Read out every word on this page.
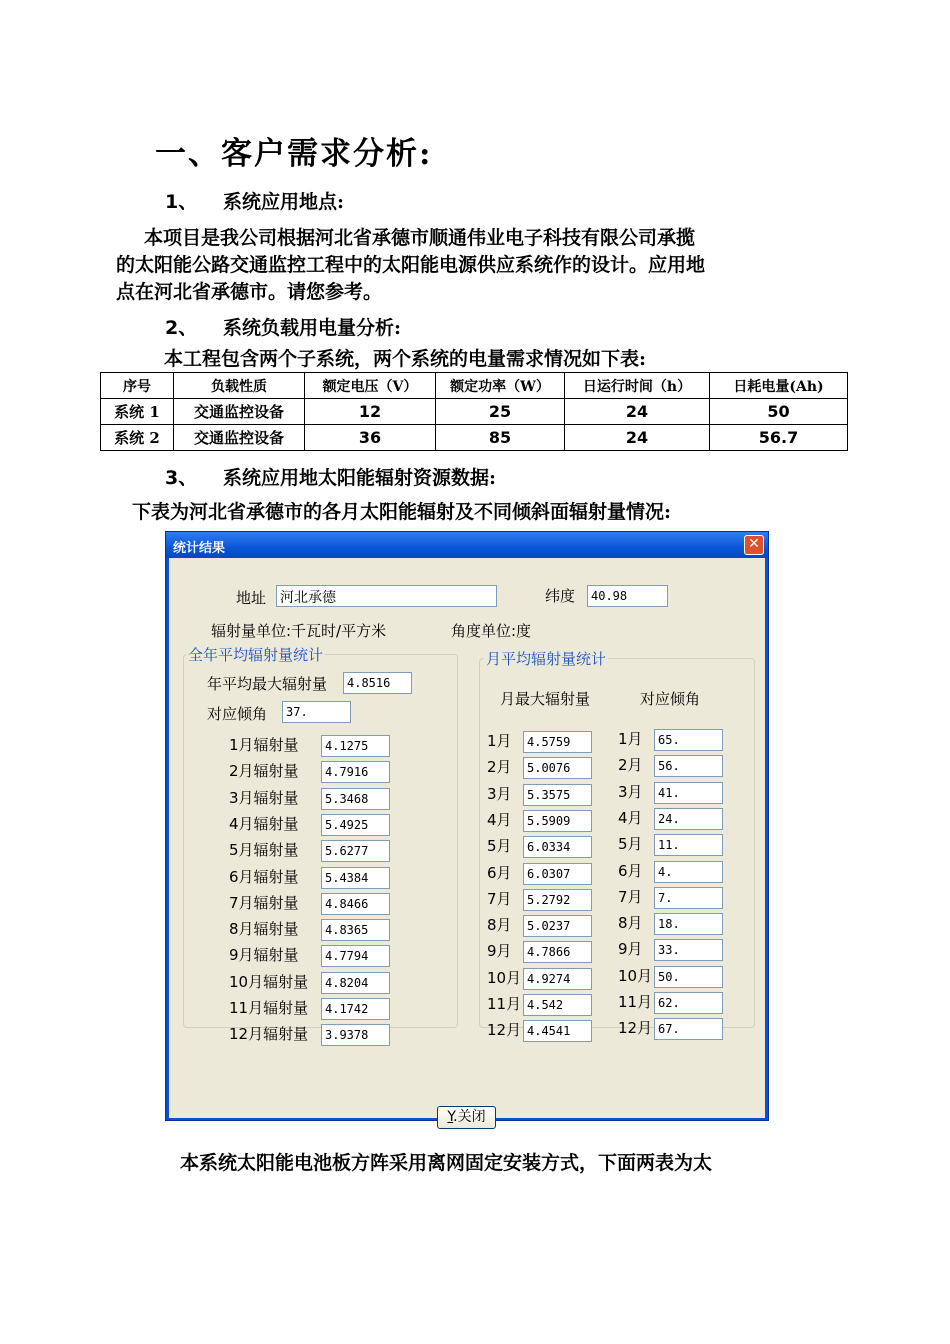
一、客户需求分析:
1、 系统应用地点:
本项目是我公司根据河北省承德市顺通伟业电子科技有限公司承揽
的太阳能公路交通监控工程中的太阳能电源供应系统作的设计。应用地
点在河北省承德市。请您参考。
2、 系统负载用电量分析:
本工程包含两个子系统，两个系统的电量需求情况如下表:
序号	负载性质	额定电压（V）	额定功率（W）	日运行时间（h）	日耗电量(Ah)
系统 1	交通监控设备	12	25	24	50
系统 2	交通监控设备	36	85	24	56.7
3、 系统应用地太阳能辐射资源数据:
下表为河北省承德市的各月太阳能辐射及不同倾斜面辐射量情况:
统计结果	✕
地址 河北承德	纬度	40.98
辐射量单位:千瓦时/平方米	角度单位:度
全年平均辐射量统计
年平均最大辐射量	4.8516
对应倾角	37.
1月辐射量	4.1275
2月辐射量	4.7916
3月辐射量	5.3468
4月辐射量	5.4925
5月辐射量	5.6277
6月辐射量	5.4384
7月辐射量	4.8466
8月辐射量	4.8365
9月辐射量	4.7794
10月辐射量	4.8204
11月辐射量	4.1742
12月辐射量	3.9378
月平均辐射量统计
月最大辐射量	对应倾角
1月	4.5759	1月	65.
2月	5.0076	2月	56.
3月	5.3575	3月	41.
4月	5.5909	4月	24.
5月	6.0334	5月	11.
6月	6.0307	6月	4.
7月	5.2792	7月	7.
8月	5.0237	8月	18.
9月	4.7866	9月	33.
10月 4.9274	10月 50.
11月 4.542	11月 62.
12月 4.4541	12月 67.
Y.关闭
本系统太阳能电池板方阵采用离网固定安装方式，下面两表为太
